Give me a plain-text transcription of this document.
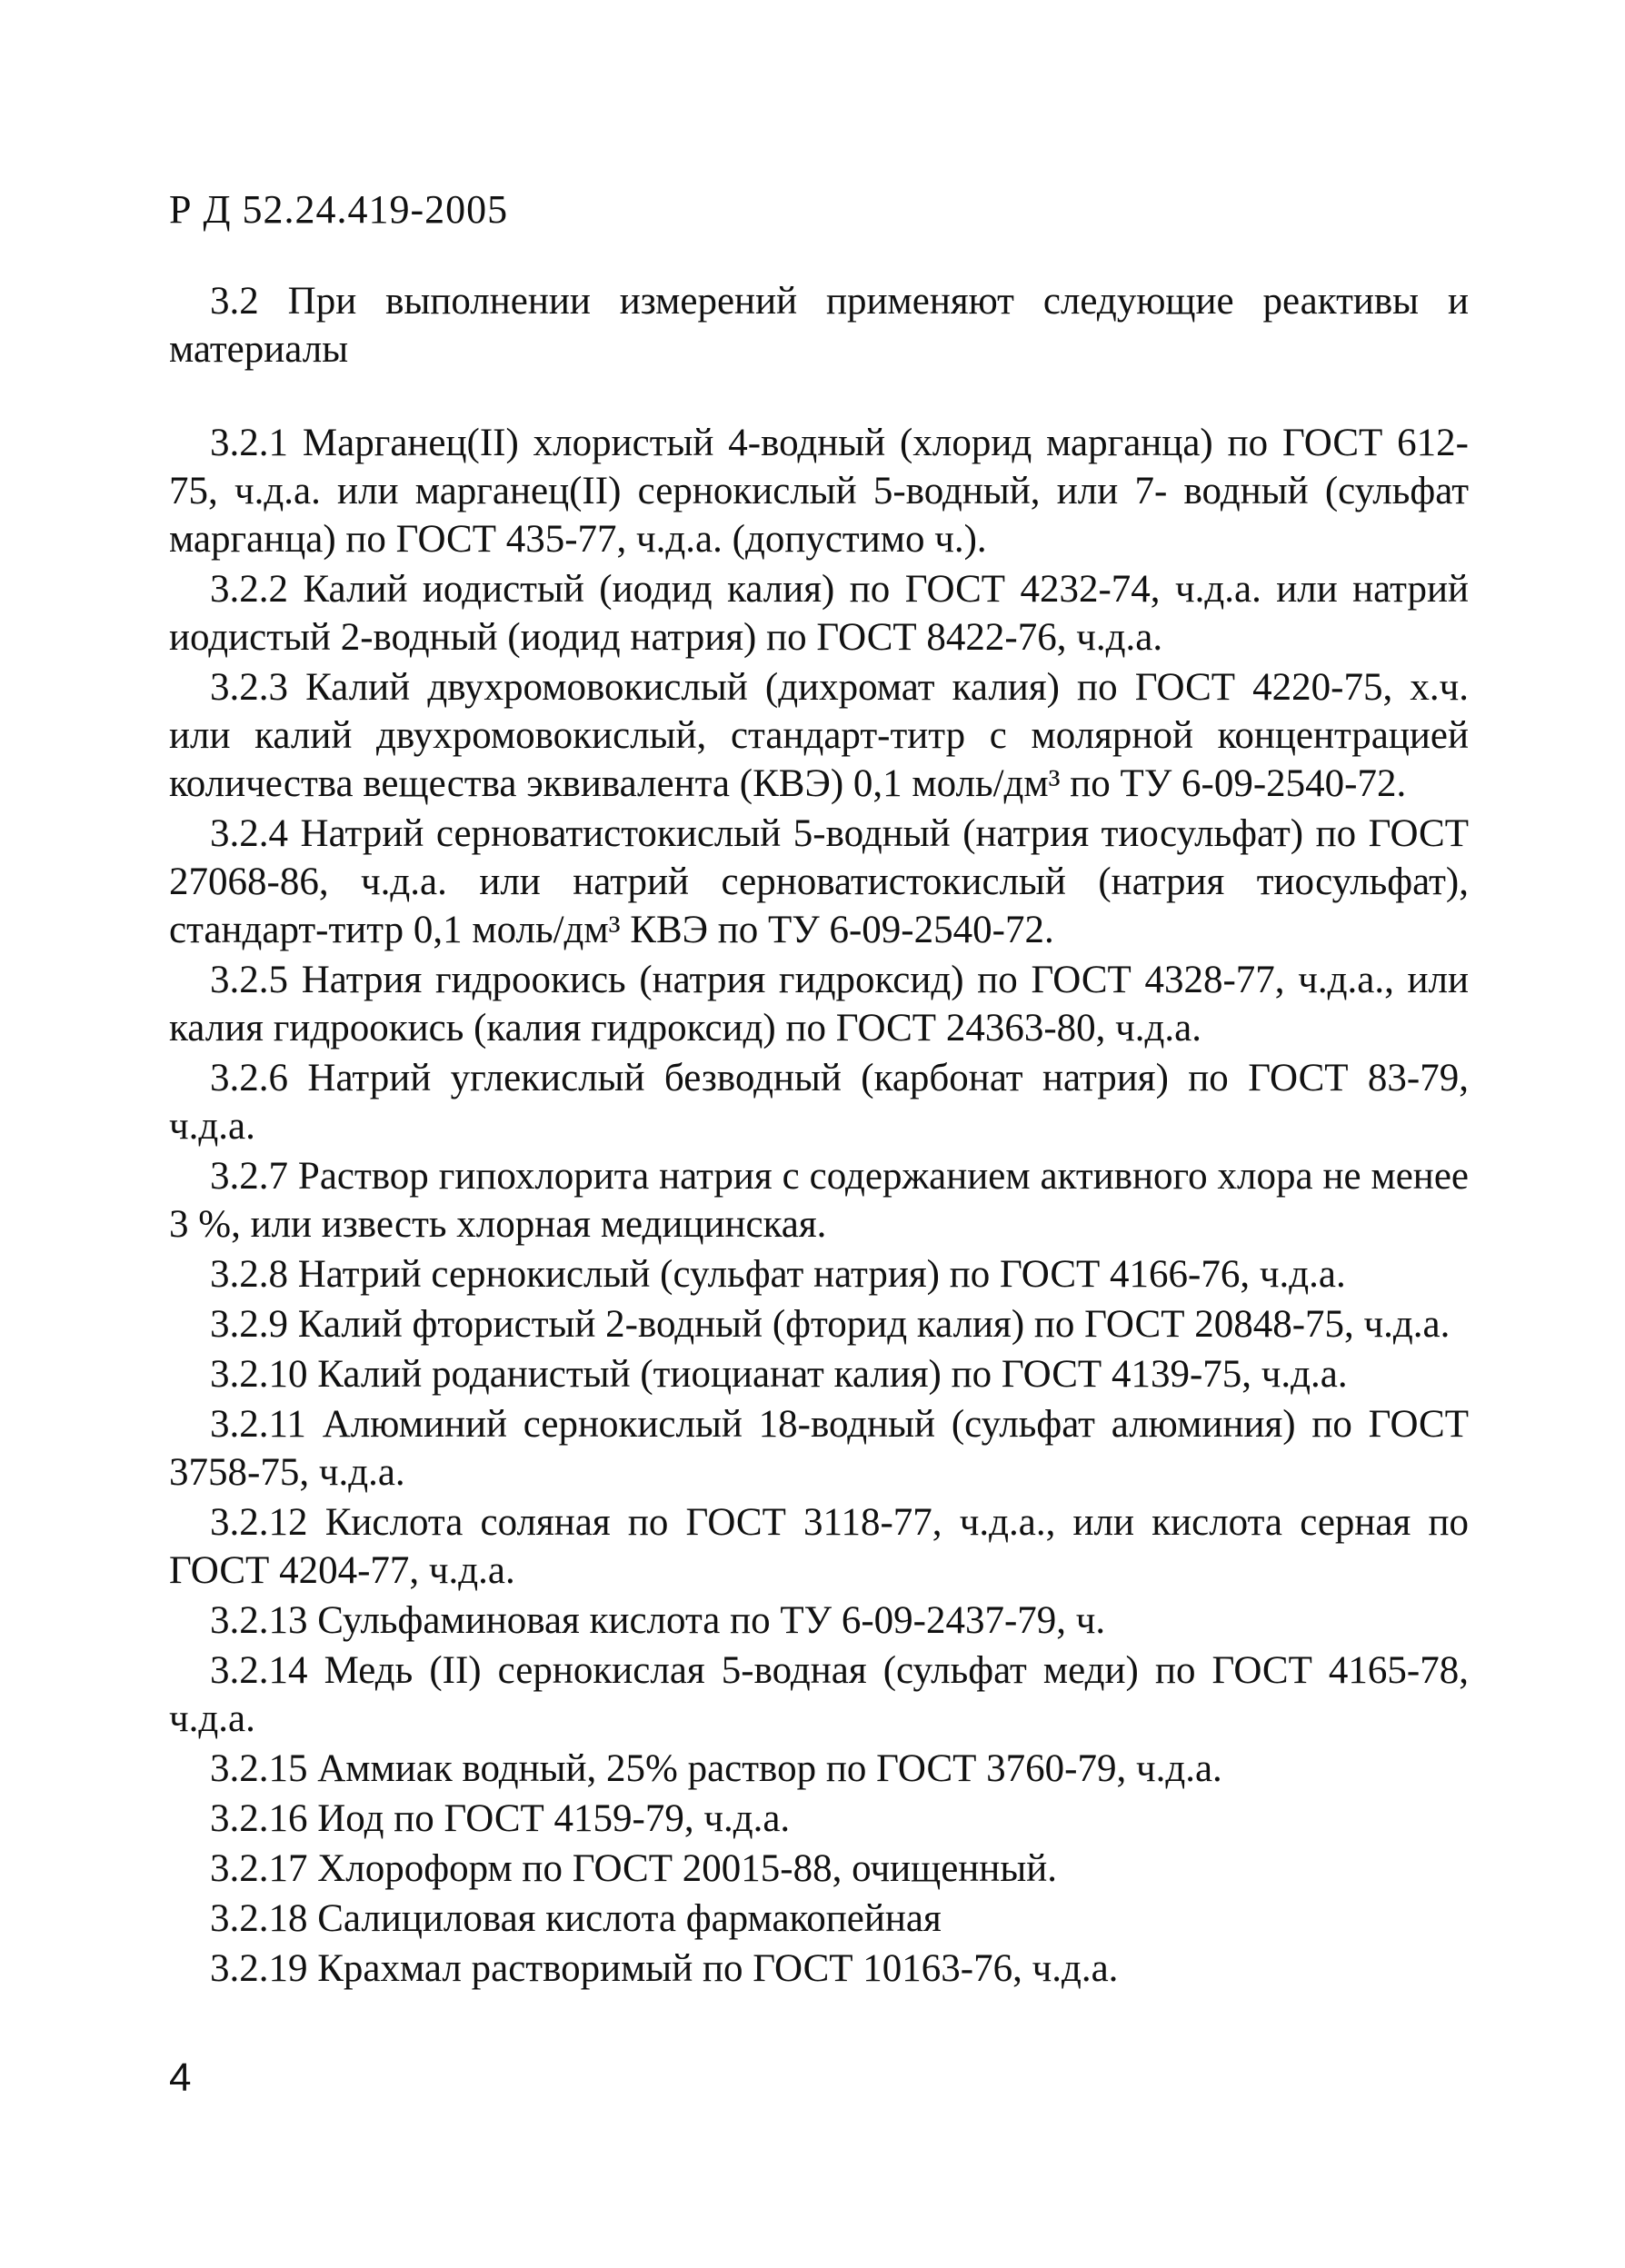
Р Д 52.24.419-2005

3.2 При выполнении измерений применяют следующие реактивы и материалы

3.2.1 Марганец(II) хлористый 4-водный (хлорид марганца) по ГОСТ 612-75, ч.д.а. или марганец(II) сернокислый 5-водный, или 7- водный (сульфат марганца) по ГОСТ 435-77, ч.д.а. (допустимо ч.).

3.2.2 Калий иодистый (иодид калия) по ГОСТ 4232-74, ч.д.а. или натрий иодистый 2-водный (иодид натрия) по ГОСТ 8422-76, ч.д.а.

3.2.3 Калий двухромовокислый (дихромат калия) по ГОСТ 4220-75, х.ч. или калий двухромовокислый, стандарт-титр с молярной концентрацией количества вещества эквивалента (КВЭ) 0,1 моль/дм³ по ТУ 6-09-2540-72.

3.2.4 Натрий серноватистокислый 5-водный (натрия тиосульфат) по ГОСТ 27068-86, ч.д.а. или натрий серноватистокислый (натрия тиосульфат), стандарт-титр 0,1 моль/дм³ КВЭ по ТУ 6-09-2540-72.

3.2.5 Натрия гидроокись (натрия гидроксид) по ГОСТ 4328-77, ч.д.а., или калия гидроокись (калия гидроксид) по ГОСТ 24363-80, ч.д.а.

3.2.6 Натрий углекислый безводный (карбонат натрия) по ГОСТ 83-79, ч.д.а.

3.2.7 Раствор гипохлорита натрия с содержанием активного хлора не менее 3 %, или известь хлорная медицинская.

3.2.8 Натрий сернокислый (сульфат натрия) по ГОСТ 4166-76, ч.д.а.

3.2.9 Калий фтористый 2-водный (фторид калия) по ГОСТ 20848-75, ч.д.а.

3.2.10 Калий роданистый (тиоцианат калия) по ГОСТ 4139-75, ч.д.а.

3.2.11 Алюминий сернокислый 18-водный (сульфат алюминия) по ГОСТ 3758-75, ч.д.а.

3.2.12 Кислота соляная по ГОСТ 3118-77, ч.д.а., или кислота серная по ГОСТ 4204-77, ч.д.а.

3.2.13 Сульфаминовая кислота по ТУ 6-09-2437-79, ч.

3.2.14 Медь (II) сернокислая 5-водная (сульфат меди) по ГОСТ 4165-78, ч.д.а.

3.2.15 Аммиак водный, 25% раствор по ГОСТ 3760-79, ч.д.а.

3.2.16 Иод по ГОСТ 4159-79, ч.д.а.

3.2.17 Хлороформ по ГОСТ 20015-88, очищенный.

3.2.18 Салициловая кислота фармакопейная

3.2.19 Крахмал растворимый по ГОСТ 10163-76, ч.д.а.

4
